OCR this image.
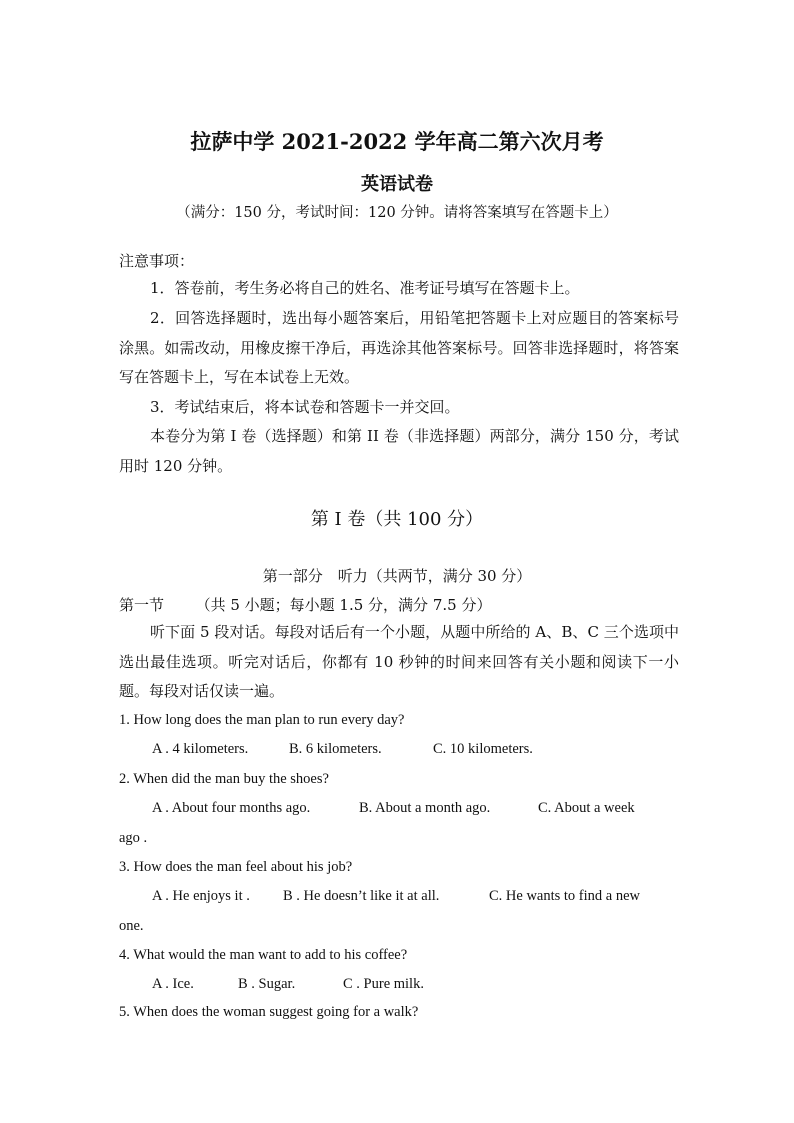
拉萨中学 2021-2022 学年高二第六次月考
英语试卷
（满分：150 分，考试时间：120 分钟。请将答案填写在答题卡上）
注意事项：
1．答卷前，考生务必将自己的姓名、准考证号填写在答题卡上。
2．回答选择题时，选出每小题答案后，用铅笔把答题卡上对应题目的答案标号涂黑。如需改动，用橡皮擦干净后，再选涂其他答案标号。回答非选择题时，将答案写在答题卡上，写在本试卷上无效。
3．考试结束后，将本试卷和答题卡一并交回。
本卷分为第 I 卷（选择题）和第 II 卷（非选择题）两部分，满分 150 分，考试用时 120 分钟。
第 I 卷（共 100 分）
第一部分　听力（共两节，满分 30 分）
第一节 （共 5 小题；每小题 1.5 分，满分 7.5 分）
听下面 5 段对话。每段对话后有一个小题，从题中所给的 A、B、C 三个选项中选出最佳选项。听完对话后，你都有 10 秒钟的时间来回答有关小题和阅读下一小题。每段对话仅读一遍。
1. How long does the man plan to run every day?
A . 4 kilometers.	B. 6 kilometers.	C. 10 kilometers.
2. When did the man buy the shoes?
A . About four months ago.	B. About a month ago.	C. About a week
ago .
3. How does the man feel about his job?
A . He enjoys it . B . He doesn’t like it at all.	C. He wants to find a new
one.
4. What would the man want to add to his coffee?
A . Ice.	B . Sugar.	C . Pure milk.
5. When does the woman suggest going for a walk?
